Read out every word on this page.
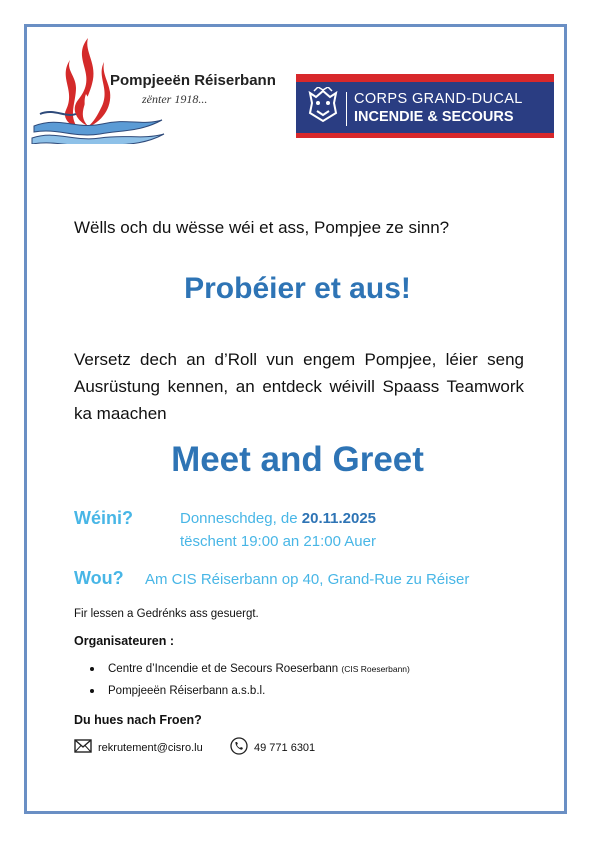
Pompjeeën Réiserbann
zënter 1918...	CORPS GRAND-DUCAL
INCENDIE & SECOURS
Wëlls och du wësse wéi et ass, Pompjee ze sinn?
Probéier et aus!
Versetz dech an d’Roll vun engem Pompjee, léier seng Ausrüstung kennen, an entdeck wéivill Spaass Teamwork ka maachen
Meet and Greet
Wéini?	Donneschdeg, de 20.11.2025
tëschent 19:00 an 21:00 Auer
Wou? Am CIS Réiserbann op 40, Grand-Rue zu Réiser
Fir lessen a Gedrénks ass gesuergt.
Organisateuren :
Centre d’Incendie et de Secours Roeserbann (CIS Roeserbann)
Pompjeeën Réiserbann a.s.b.l.
Du hues nach Froen?
rekrutement@cisro.lu	49 771 6301
